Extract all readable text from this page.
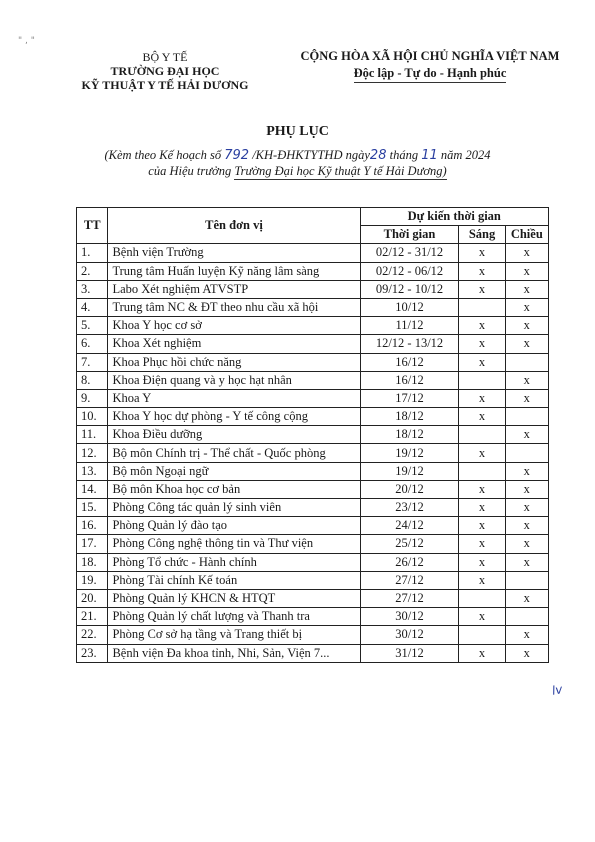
" , "
BỘ Y TẾ
TRƯỜNG ĐẠI HỌC
KỸ THUẬT Y TẾ HẢI DƯƠNG
CỘNG HÒA XÃ HỘI CHỦ NGHĨA VIỆT NAM
Độc lập - Tự do - Hạnh phúc
PHỤ LỤC
(Kèm theo Kế hoạch số 792 /KH-ĐHKTYTHD ngày28 tháng 11 năm 2024
của Hiệu trưởng Trường Đại học Kỹ thuật Y tế Hải Dương)
TT	Tên đơn vị	Dự kiến thời gian		
		Thời gian	Sáng	Chiều
1.	Bệnh viện Trường	02/12 - 31/12	x	x
2.	Trung tâm Huấn luyện Kỹ năng lâm sàng	02/12 - 06/12	x	x
3.	Labo Xét nghiệm ATVSTP	09/12 - 10/12	x	x
4.	Trung tâm NC & ĐT theo nhu cầu xã hội	10/12		x
5.	Khoa Y học cơ sở	11/12	x	x
6.	Khoa Xét nghiệm	12/12 - 13/12	x	x
7.	Khoa Phục hồi chức năng	16/12	x	
8.	Khoa Điện quang và y học hạt nhân	16/12		x
9.	Khoa Y	17/12	x	x
10.	Khoa Y học dự phòng - Y tế công cộng	18/12	x	
11.	Khoa Điều dưỡng	18/12		x
12.	Bộ môn Chính trị - Thể chất - Quốc phòng	19/12	x	
13.	Bộ môn Ngoại ngữ	19/12		x
14.	Bộ môn Khoa học cơ bản	20/12	x	x
15.	Phòng Công tác quản lý sinh viên	23/12	x	x
16.	Phòng Quản lý đào tạo	24/12	x	x
17.	Phòng Công nghệ thông tin và Thư viện	25/12	x	x
18.	Phòng Tổ chức - Hành chính	26/12	x	x
19.	Phòng Tài chính Kế toán	27/12	x	
20.	Phòng Quản lý KHCN & HTQT	27/12		x
21.	Phòng Quản lý chất lượng và Thanh tra	30/12	x	
22.	Phòng Cơ sở hạ tầng và Trang thiết bị	30/12		x
23.	Bệnh viện Đa khoa tỉnh, Nhi, Sản, Viện 7...	31/12	x	x
lv
